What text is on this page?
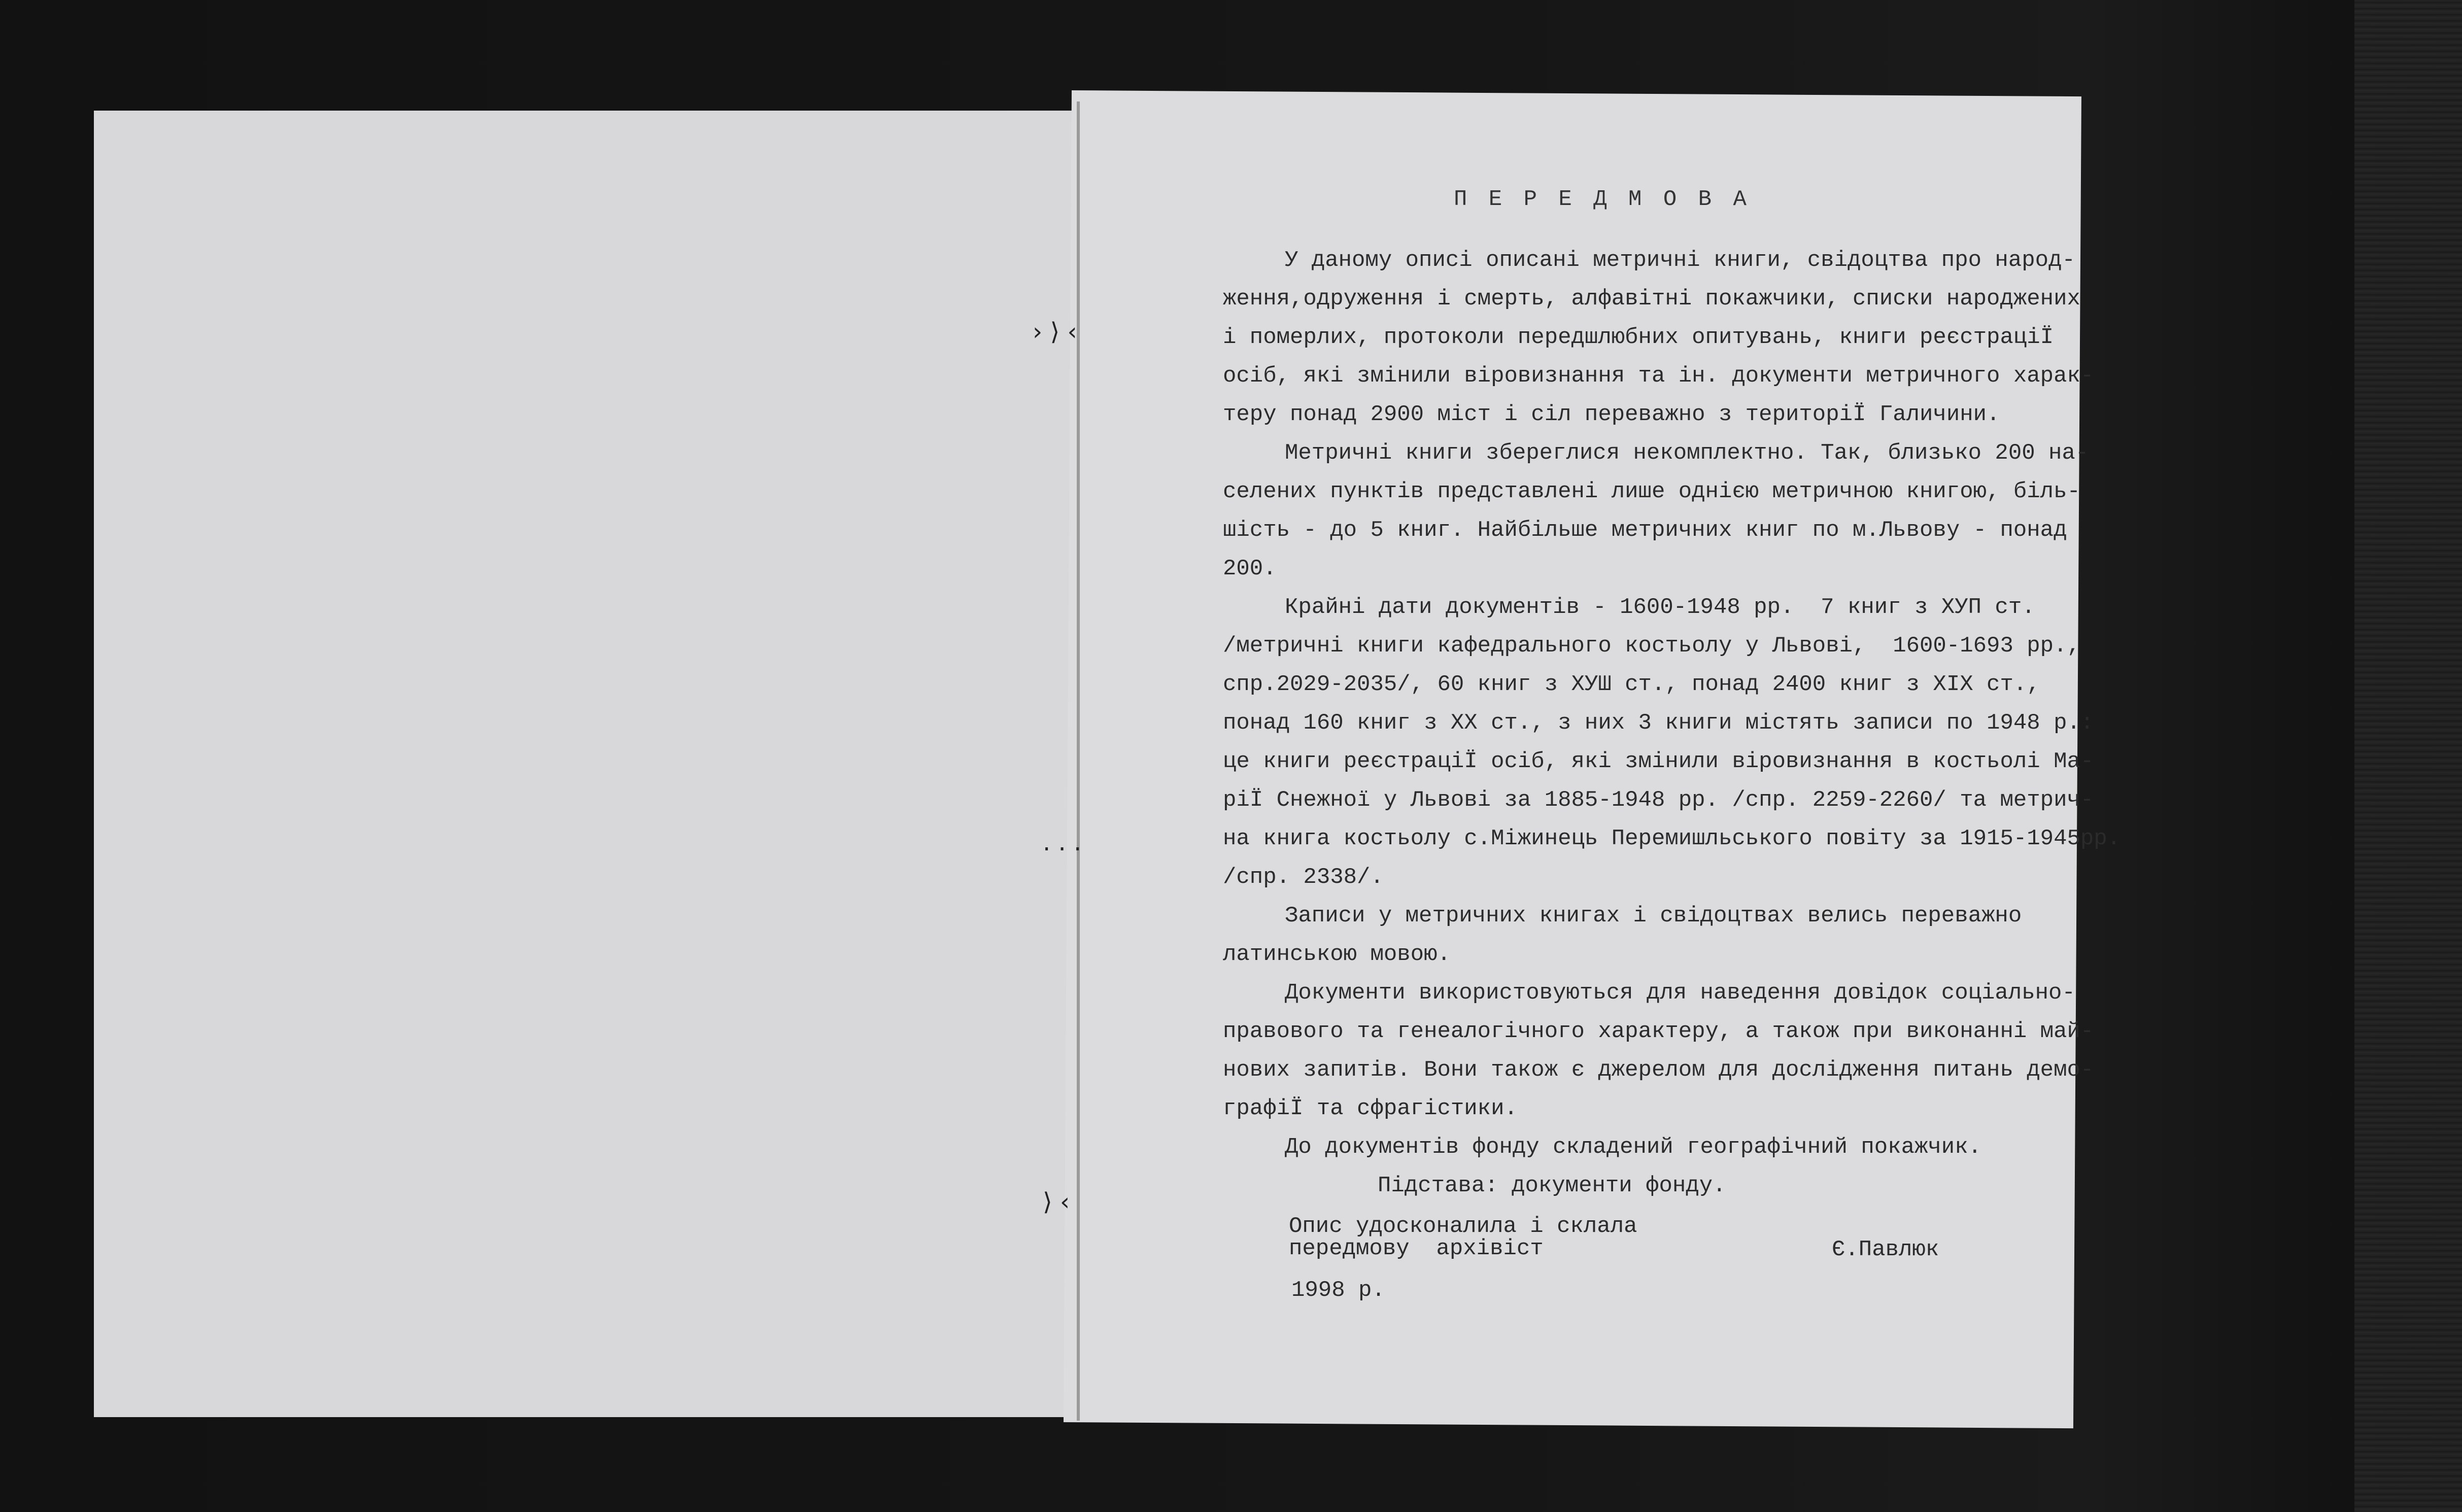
› ⟩ ‹
· · ·
⟩ ‹
П Е Р Е Д М О В А
У даному описі описані метричні книги, свідоцтва про народ-
ження,одруження і смерть, алфавітні покажчики, списки народжених
і померлих, протоколи передшлюбних опитувань, книги реєстраціЇ
осіб, які змінили віровизнання та ін. документи метричного харак-
теру понад 2900 міст і сіл переважно з територіЇ Галичини.
Метричні книги збереглися некомплектно. Так, близько 200 на-
селених пунктів представлені лише однією метричною книгою, біль-
шість - до 5 книг. Найбільше метричних книг по м.Львову - понад
200.
Крайні дати документів - 1600-1948 рр.  7 книг з ХУП ст.
/метричні книги кафедрального костьолу у Львові,  1600-1693 рр.,
спр.2029-2035/, 60 книг з ХУШ ст., понад 2400 книг з XIX ст.,
понад 160 книг з XX ст., з них 3 книги містять записи по 1948 р.:
це книги реєстраціЇ осіб, які змінили віровизнання в костьолі Ма-
ріЇ Снежної у Львові за 1885-1948 рр. /спр. 2259-2260/ та метрич-
на книга костьолу с.Міжинець Перемишльського повіту за 1915-1945рр.
/спр. 2338/.
Записи у метричних книгах і свідоцтвах велись переважно
латинською мовою.
Документи використовуються для наведення довідок соціально-
правового та генеалогічного характеру, а також при виконанні май-
нових запитів. Вони також є джерелом для дослідження питань демо-
графіЇ та сфрагістики.
До документів фонду складений географічний покажчик.
Підстава: документи фонду.
Опис удосконалила і склала
передмову  архівіст	Є.Павлюк
1998 р.
